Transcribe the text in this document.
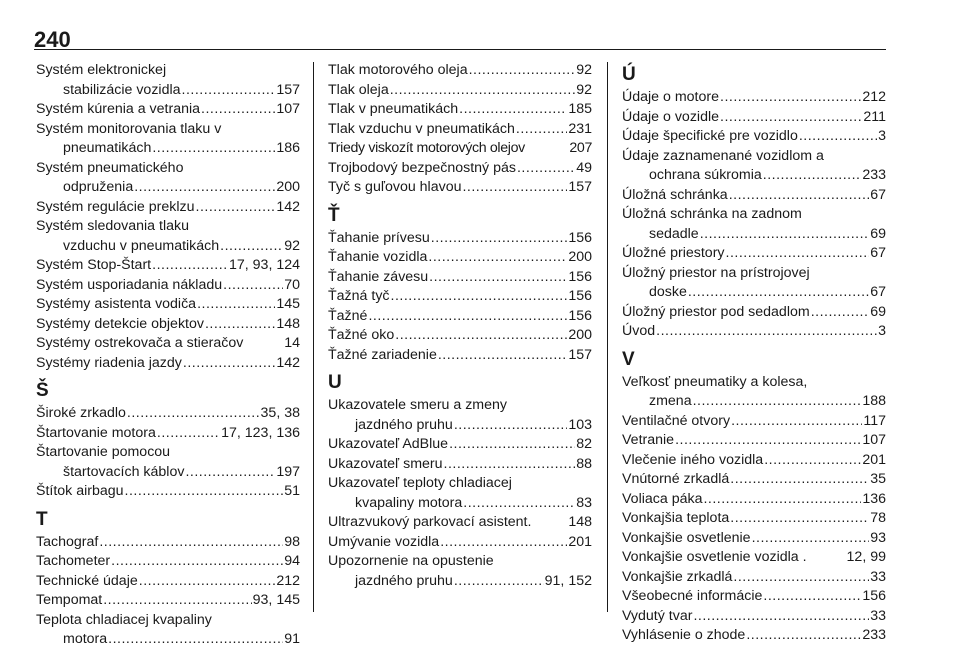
240
Systém elektronickej
stabilizácie vozidla .....	157
Systém kúrenia a vetrania .....	107
Systém monitorovania tlaku v
pneumatikách .....	186
Systém pneumatického
odpruženia .....	200
Systém regulácie preklzu .....	142
Systém sledovania tlaku
vzduchu v pneumatikách .....	92
Systém Stop-Štart .....	17, 93, 124
Systém usporiadania nákladu .....	70
Systémy asistenta vodiča .....	145
Systémy detekcie objektov .....	148
Systémy ostrekovača a stieračov	14
Systémy riadenia jazdy .....	142
Š
Široké zrkadlo .....	35, 38
Štartovanie motora .....	17, 123, 136
Štartovanie pomocou
štartovacích káblov .....	197
Štítok airbagu .....	51
T
Tachograf .....	98
Tachometer .....	94
Technické údaje .....	212
Tempomat .....	93, 145
Teplota chladiacej kvapaliny
motora .....	91
Tlak motorového oleja .....	92
Tlak oleja .....	92
Tlak v pneumatikách .....	185
Tlak vzduchu v pneumatikách .....	231
Triedy viskozít motorových olejov	207
Trojbodový bezpečnostný pás .....	49
Tyč s guľovou hlavou .....	157
Ť
Ťahanie prívesu .....	156
Ťahanie vozidla .....	200
Ťahanie závesu .....	156
Ťažná tyč .....	156
Ťažné .....	156
Ťažné oko .....	200
Ťažné zariadenie .....	157
U
Ukazovatele smeru a zmeny
jazdného pruhu .....	103
Ukazovateľ AdBlue .....	82
Ukazovateľ smeru .....	88
Ukazovateľ teploty chladiacej
kvapaliny motora .....	83
Ultrazvukový parkovací asistent.	148
Umývanie vozidla .....	201
Upozornenie na opustenie
jazdného pruhu .....	91, 152
Ú
Údaje o motore .....	212
Údaje o vozidle .....	211
Údaje špecifické pre vozidlo .....	3
Údaje zaznamenané vozidlom a
ochrana súkromia .....	233
Úložná schránka .....	67
Úložná schránka na zadnom
sedadle .....	69
Úložné priestory .....	67
Úložný priestor na prístrojovej
doske .....	67
Úložný priestor pod sedadlom .....	69
Úvod .....	3
V
Veľkosť pneumatiky a kolesa,
zmena .....	188
Ventilačné otvory .....	117
Vetranie .....	107
Vlečenie iného vozidla .....	201
Vnútorné zrkadlá .....	35
Voliaca páka .....	136
Vonkajšia teplota .....	78
Vonkajšie osvetlenie .....	93
Vonkajšie osvetlenie vozidla .	12, 99
Vonkajšie zrkadlá .....	33
Všeobecné informácie .....	156
Vydutý tvar .....	33
Vyhlásenie o zhode .....	233
